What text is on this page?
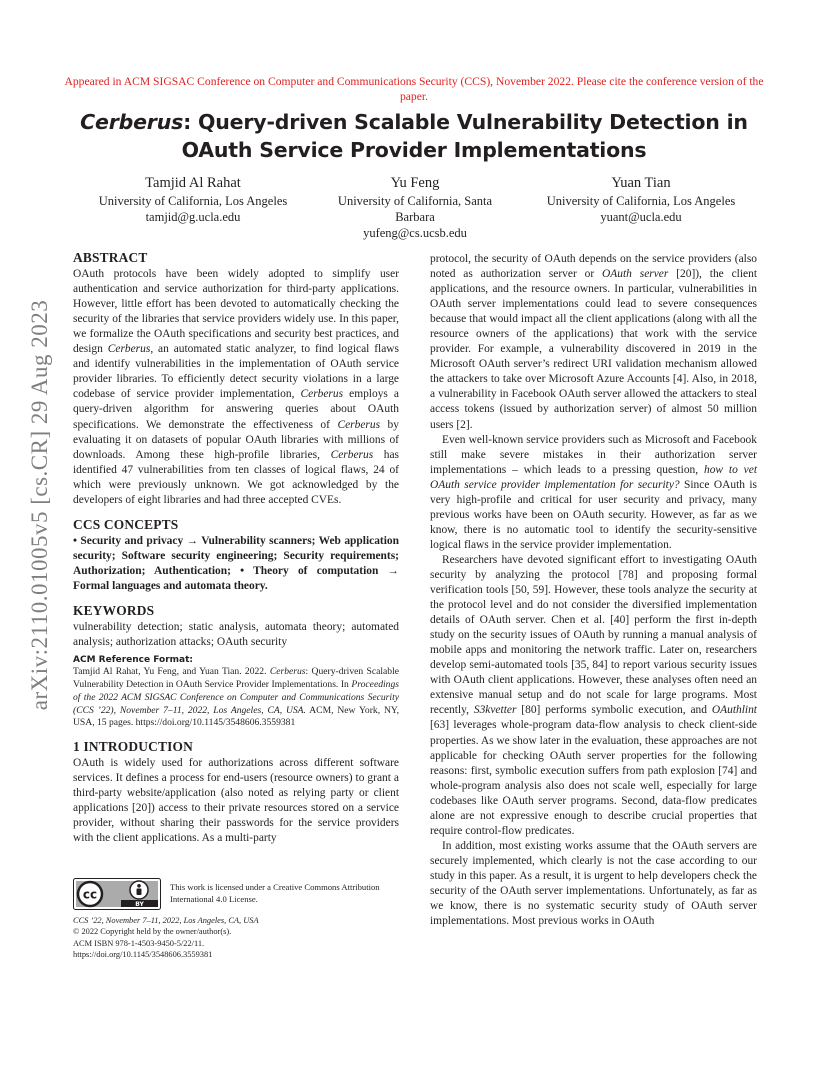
Appeared in ACM SIGSAC Conference on Computer and Communications Security (CCS), November 2022. Please cite the conference version of the paper.
Cerberus: Query-driven Scalable Vulnerability Detection in OAuth Service Provider Implementations
Tamjid Al Rahat
University of California, Los Angeles
tamjid@g.ucla.edu
Yu Feng
University of California, Santa Barbara
yufeng@cs.ucsb.edu
Yuan Tian
University of California, Los Angeles
yuant@ucla.edu
arXiv:2110.01005v5 [cs.CR] 29 Aug 2023
ABSTRACT

OAuth protocols have been widely adopted to simplify user authentication and service authorization for third-party applications. However, little effort has been devoted to automatically checking the security of the libraries that service providers widely use. In this paper, we formalize the OAuth specifications and security best practices, and design Cerberus, an automated static analyzer, to find logical flaws and identify vulnerabilities in the implementation of OAuth service provider libraries. To efficiently detect security violations in a large codebase of service provider implementation, Cerberus employs a query-driven algorithm for answering queries about OAuth specifications. We demonstrate the effectiveness of Cerberus by evaluating it on datasets of popular OAuth libraries with millions of downloads. Among these high-profile libraries, Cerberus has identified 47 vulnerabilities from ten classes of logical flaws, 24 of which were previously unknown. We got acknowledged by the developers of eight libraries and had three accepted CVEs.

CCS CONCEPTS

• Security and privacy → Vulnerability scanners; Web application security; Software security engineering; Security requirements; Authorization; Authentication; • Theory of computation → Formal languages and automata theory.

KEYWORDS

vulnerability detection; static analysis, automata theory; automated analysis; authorization attacks; OAuth security

ACM Reference Format:

Tamjid Al Rahat, Yu Feng, and Yuan Tian. 2022. Cerberus: Query-driven Scalable Vulnerability Detection in OAuth Service Provider Implementations. In Proceedings of the 2022 ACM SIGSAC Conference on Computer and Communications Security (CCS ’22), November 7–11, 2022, Los Angeles, CA, USA. ACM, New York, NY, USA, 15 pages. https://doi.org/10.1145/3548606.3559381

1 INTRODUCTION

OAuth is widely used for authorizations across different software services. It defines a process for end-users (resource owners) to grant a third-party website/application (also noted as relying party or client applications [20]) access to their private resources stored on a service provider, without sharing their passwords for the service providers with the client applications. As a multi-party

cc
BY
This work is licensed under a Creative Commons Attribution International 4.0 License.
CCS ’22, November 7–11, 2022, Los Angeles, CA, USA
© 2022 Copyright held by the owner/author(s).
ACM ISBN 978-1-4503-9450-5/22/11.
https://doi.org/10.1145/3548606.3559381

protocol, the security of OAuth depends on the service providers (also noted as authorization server or OAuth server [20]), the client applications, and the resource owners. In particular, vulnerabilities in OAuth server implementations could lead to severe consequences because that would impact all the client applications (along with all the resource owners of the applications) that work with the service provider. For example, a vulnerability discovered in 2019 in the Microsoft OAuth server’s redirect URI validation mechanism allowed the attackers to take over Microsoft Azure Accounts [4]. Also, in 2018, a vulnerability in Facebook OAuth server allowed the attackers to steal access tokens (issued by authorization server) of almost 50 million users [2].

Even well-known service providers such as Microsoft and Facebook still make severe mistakes in their authorization server implementations – which leads to a pressing question, how to vet OAuth service provider implementation for security? Since OAuth is very high-profile and critical for user security and privacy, many previous works have been on OAuth security. However, as far as we know, there is no automatic tool to identify the security-sensitive logical flaws in the service provider implementation.

Researchers have devoted significant effort to investigating OAuth security by analyzing the protocol [78] and proposing formal verification tools [50, 59]. However, these tools analyze the security at the protocol level and do not consider the diversified implementation details of OAuth server. Chen et al. [40] perform the first in-depth study on the security issues of OAuth by running a manual analysis of mobile apps and monitoring the network traffic. Later on, researchers develop semi-automated tools [35, 84] to report various security issues with OAuth client applications. However, these analyses often need an extensive manual setup and do not scale for large programs. Most recently, S3kvetter [80] performs symbolic execution, and OAuthlint [63] leverages whole-program data-flow analysis to check client-side properties. As we show later in the evaluation, these approaches are not applicable for checking OAuth server properties for the following reasons: first, symbolic execution suffers from path explosion [74] and whole-program analysis also does not scale well, especially for large codebases like OAuth server programs. Second, data-flow predicates alone are not expressive enough to describe crucial properties that require control-flow predicates.

In addition, most existing works assume that the OAuth servers are securely implemented, which clearly is not the case according to our study in this paper. As a result, it is urgent to help developers check the security of the OAuth server implementations. Unfortunately, as far as we know, there is no systematic security study of OAuth server implementations. Most previous works in OAuth
